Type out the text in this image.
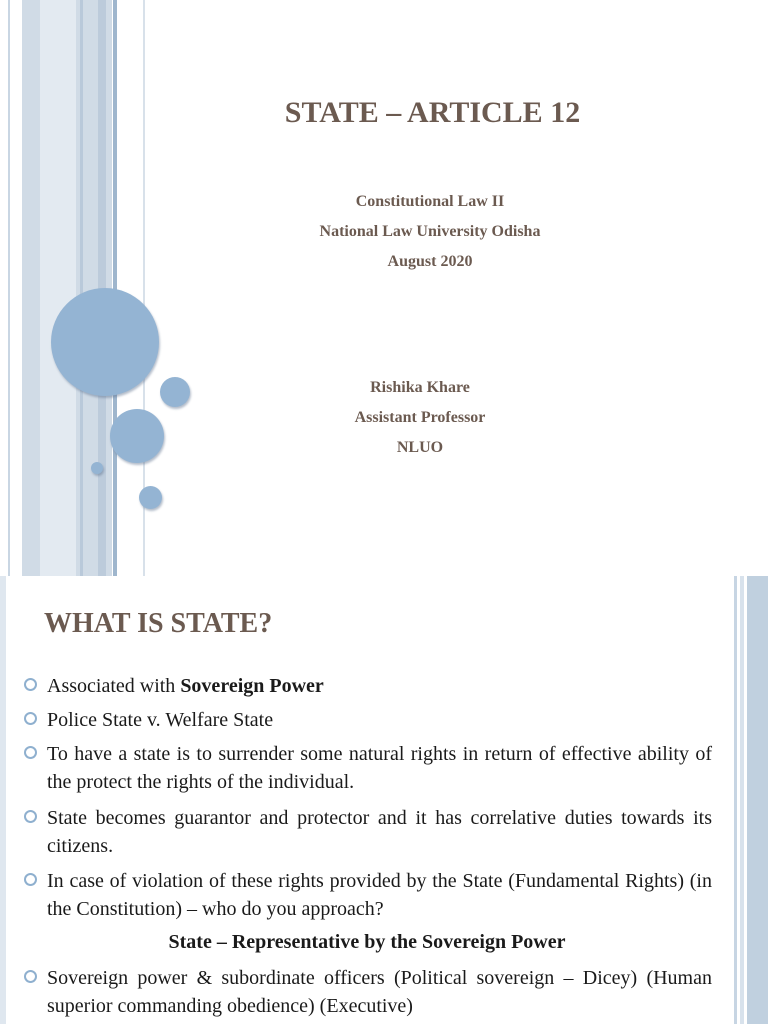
STATE – ARTICLE 12
Constitutional Law II
National Law University Odisha
August 2020
Rishika Khare
Assistant Professor
NLUO
WHAT IS STATE?
Associated with Sovereign Power
Police State v. Welfare State
To have a state is to surrender some natural rights in return of effective ability of the protect the rights of the individual.
State becomes guarantor and protector and it has correlative duties towards its citizens.
In case of violation of these rights provided by the State (Fundamental Rights) (in the Constitution) – who do you approach?
State – Representative by the Sovereign Power
Sovereign power & subordinate officers (Political sovereign – Dicey) (Human superior commanding obedience) (Executive)
